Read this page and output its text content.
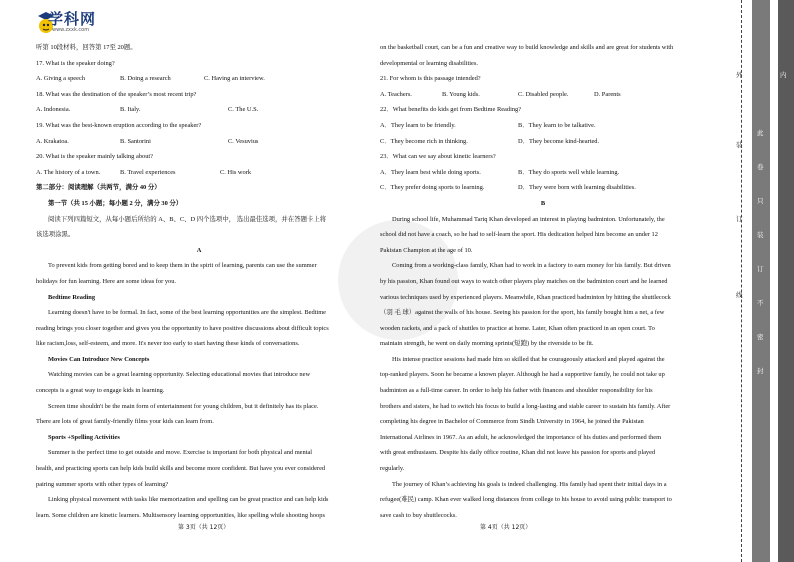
学科网
www.zxxk.com

听第 10段材料，回答第 17至 20题。

17. What is the speaker doing?

A. Giving a speech	B. Doing a research	C. Having an interview.

18. What was the destination of the speaker’s most recent trip?

A. Indonesia.	B. Italy.	C. The U.S.

19. What was the best-known eruption according to the speaker?

A. Krakatoa.	B. Santorini	C. Vesuvius

20. What is the speaker mainly talking about?

A. The history of a town.	B. Travel experiences	C. His work

第二部分：阅读理解（共两节，满分 40 分）

第一节（共 15 小题；每小题 2 分，满分 30 分）

阅读下列四篇短文，从每小题后所给的 A、B、C、D 四个选项中， 选出最佳选项，并在答题卡上将

该选项涂黑。

A

To prevent kids from getting bored and to keep them in the spirit of learning, parents can use the summer

holidays for fun learning. Here are some ideas for you.

Bedtime Reading

Learning doesn't have to be formal. In fact, some of the best learning opportunities are the simplest. Bedtime

reading brings you closer together and gives you the opportunity to have positive discussions about difficult topics

like racism,loss, self-esteem, and more. It's never too early to start having these kinds of conversations.

Movies Can Introduce New Concepts

Watching movies can be a great learning opportunity. Selecting educational movies that introduce new

concepts is a great way to engage kids in learning.

Screen time shouldn't be the main form of entertainment for young children, but it definitely has its place.

There are lots of great family-friendly films your kids can learn from.

Sports +Spelling Activities

Summer is the perfect time to get outside and move. Exercise is important for both physical and mental

health, and practicing sports can help kids build skills and become more confident. But have you ever considered

pairing summer sports with other types of learning?

Linking physical movement with tasks like memorization and spelling can be great practice and can help kids

learn. Some children are kinetic learners. Multisensory learning opportunities, like spelling while shooting hoops

第 3页（共 12页）

on the basketball court, can be a fun and creative way to build knowledge and skills and are great for students with

developmental or learning disabilities.

21. For whom is this passage intended?

A. Teachers.	B. Young kids.	C. Disabled people.	D. Parents

22．What benefits do kids get from Bedtime Reading?

A．They learn to be friendly.	B．They learn to be talkative.
C．They become rich in thinking.	D．They become kind-hearted.

23．What can we say about kinetic learners?

A．They learn best while doing sports.	B．They do sports well while learning.
C．They prefer doing sports to learning.	D．They were born with learning disabilities.

B

During school life, Muhammad Tariq Khan developed an interest in playing badminton. Unfortunately, the

school did not have a coach, so he had to self-learn the sport. His dedication helped him become an under 12

Pakistan Champion at the age of 10.

Coming from a working-class family, Khan had to work in a factory to earn money for his family. But driven

by his passion, Khan found out ways to watch other players play matches on the badminton court and he learned

various techniques used by experienced players. Meanwhile, Khan practiced badminton by hitting the shuttlecock

（羽 毛 球）against the walls of his house. Seeing his passion for the sport, his family bought him a net, a few

wooden rackets, and a pack of shuttles to practice at home. Later, Khan often practiced in an open court. To

maintain strength, he went on daily morning sprints(短跑) by the riverside to be fit.

His intense practice sessions had made him so skilled that he courageously attacked and played against the

top-ranked players. Soon he became a known player. Although he had a supportive family, he could not take up

badminton as a full-time career. In order to help his father with finances and shoulder responsibility for his

brothers and sisters, he had to switch his focus to build a long-lasting and stable career to sustain his family. After

completing his degree in Bachelor of Commerce from Sindh University in 1964, he joined the Pakistan

International Airlines in 1967. As an adult, he acknowledged the importance of his duties and performed them

with great enthusiasm. Despite his daily office routine, Khan did not leave his passion for sports and played

regularly.

The journey of Khan’s achieving his goals is indeed challenging. His family had spent their initial days in a

refugee(难民) camp. Khan ever walked long distances from college to his house to avoid using public transport to

save cash to buy shuttlecocks.

第 4页（共 12页）
外
装
订
线
内
此
卷
只
装
订
不
密
封
